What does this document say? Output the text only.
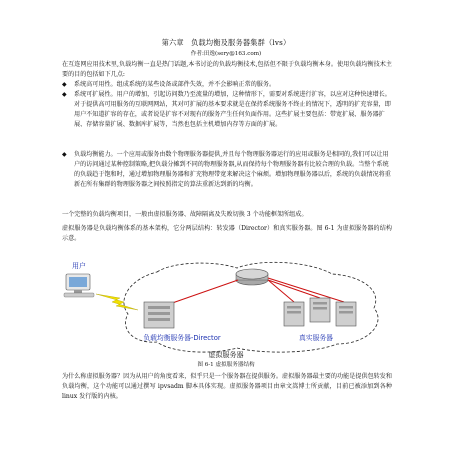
第六章　负载均衡及服务器集群（lvs）
作者:田逸(sery@163.com)

在互连网应用技术里,负载均衡一直是热门话题,本书讨论的负载均衡技术,包括但不限于负载均衡本身。使用负载均衡技术主要的目的包括如下几点:

◆	系统高可用性。组成系统的某些设备或部件失效，并不会影响正常的服务。
◆	系统可扩展性。用户的增加，引起访问数乃至流量的增加，这种情形下，需要对系统进行扩容，以应对这种快速增长。对于提供高可用服务的互联网网站，其对可扩展的基本要求就是在保持系统服务不终止的情况下，透明的扩充容量，即用户不知道扩容的存在，或者说是扩容不对现有的服务产生任何负面作用。这些扩展主要包括：带宽扩展、服务器扩展、存储容量扩展、数据库扩展等，当然也包括主机增加内存等方面的扩展。
◆	负载均衡能力。一个应用或服务由数个物理服务器提供,并且每个物理服务器运行的应用或服务是相同的,我们可以让用户的访问通过某种控制策略,把负载分摊到不同的物理服务器,从而保持每个物理服务器有比较合理的负载。当整个系统的负载趋于饱和时，通过增加物理服务器和扩充物理带宽来解决这个麻烦。增加物理服务器以后，系统的负载情况将重新在所有集群的物理服务器之间按照指定的算法重新达到新的均衡。

一个完整的负载均衡项目，一般由虚拟服务器、故障隔离及失败切换 3 个功能框架所组成。

虚拟服务器是负载均衡体系的基本架构，它分两层结构：转发器（Director）和真实服务器。图 6-1 为虚拟服务器的结构示意。

用户
负载均衡服务器-Director	真实服务器
虚拟服务器
图 6-1 虚拟服务器结构

为什么称虚拟服务器？因为从用户的角度看来，似乎只是一个服务器在提供服务。虚拟服务器最主要的功能是提供包转发和负载均衡，这个功能可以通过撰写 ipvsadm 脚本具体实现。虚拟服务器项目由章文嵩博士所贡献，目前已被添加到各种 linux 发行版的内核。
